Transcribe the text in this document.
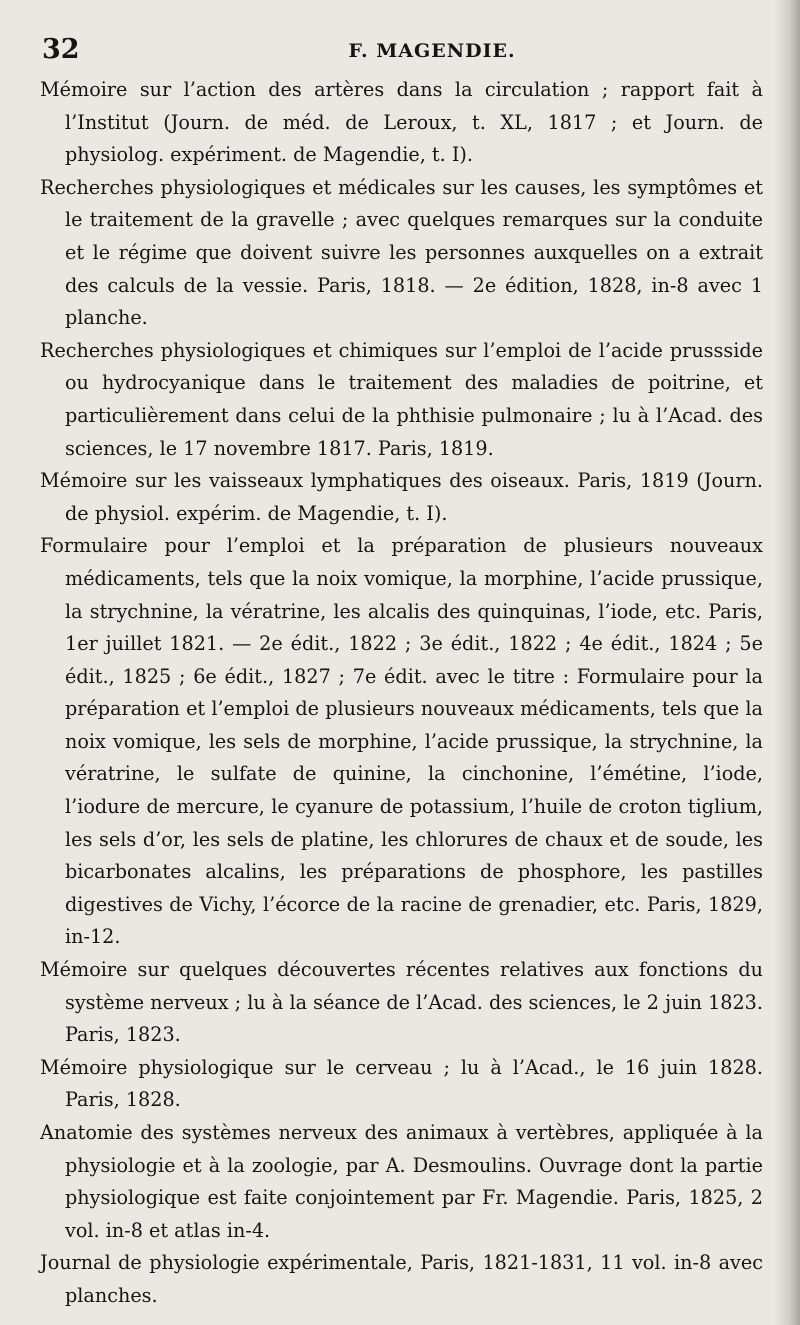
32	F. MAGENDIE.

Mémoire sur l’action des artères dans la circulation ; rapport fait à l’Institut (Journ. de méd. de Leroux, t. XL, 1817 ; et Journ. de physiolog. expériment. de Magendie, t. I).

Recherches physiologiques et médicales sur les causes, les symptômes et le traitement de la gravelle ; avec quelques remarques sur la conduite et le régime que doivent suivre les personnes auxquelles on a extrait des calculs de la vessie. Paris, 1818. — 2e édition, 1828, in-8 avec 1 planche.

Recherches physiologiques et chimiques sur l’emploi de l’acide prussside ou hydrocyanique dans le traitement des maladies de poitrine, et particulièrement dans celui de la phthisie pulmonaire ; lu à l’Acad. des sciences, le 17 novembre 1817. Paris, 1819.

Mémoire sur les vaisseaux lymphatiques des oiseaux. Paris, 1819 (Journ. de physiol. expérim. de Magendie, t. I).

Formulaire pour l’emploi et la préparation de plusieurs nouveaux médicaments, tels que la noix vomique, la morphine, l’acide prussique, la strychnine, la vératrine, les alcalis des quinquinas, l’iode, etc. Paris, 1er juillet 1821. — 2e édit., 1822 ; 3e édit., 1822 ; 4e édit., 1824 ; 5e édit., 1825 ; 6e édit., 1827 ; 7e édit. avec le titre : Formulaire pour la préparation et l’emploi de plusieurs nouveaux médicaments, tels que la noix vomique, les sels de morphine, l’acide prussique, la strychnine, la vératrine, le sulfate de quinine, la cinchonine, l’émétine, l’iode, l’iodure de mercure, le cyanure de potassium, l’huile de croton tiglium, les sels d’or, les sels de platine, les chlorures de chaux et de soude, les bicarbonates alcalins, les préparations de phosphore, les pastilles digestives de Vichy, l’écorce de la racine de grenadier, etc. Paris, 1829, in-12.

Mémoire sur quelques découvertes récentes relatives aux fonctions du système nerveux ; lu à la séance de l’Acad. des sciences, le 2 juin 1823. Paris, 1823.

Mémoire physiologique sur le cerveau ; lu à l’Acad., le 16 juin 1828. Paris, 1828.

Anatomie des systèmes nerveux des animaux à vertèbres, appliquée à la physiologie et à la zoologie, par A. Desmoulins. Ouvrage dont la partie physiologique est faite conjointement par Fr. Magendie. Paris, 1825, 2 vol. in-8 et atlas in-4.

Journal de physiologie expérimentale, Paris, 1821-1831, 11 vol. in-8 avec planches.
